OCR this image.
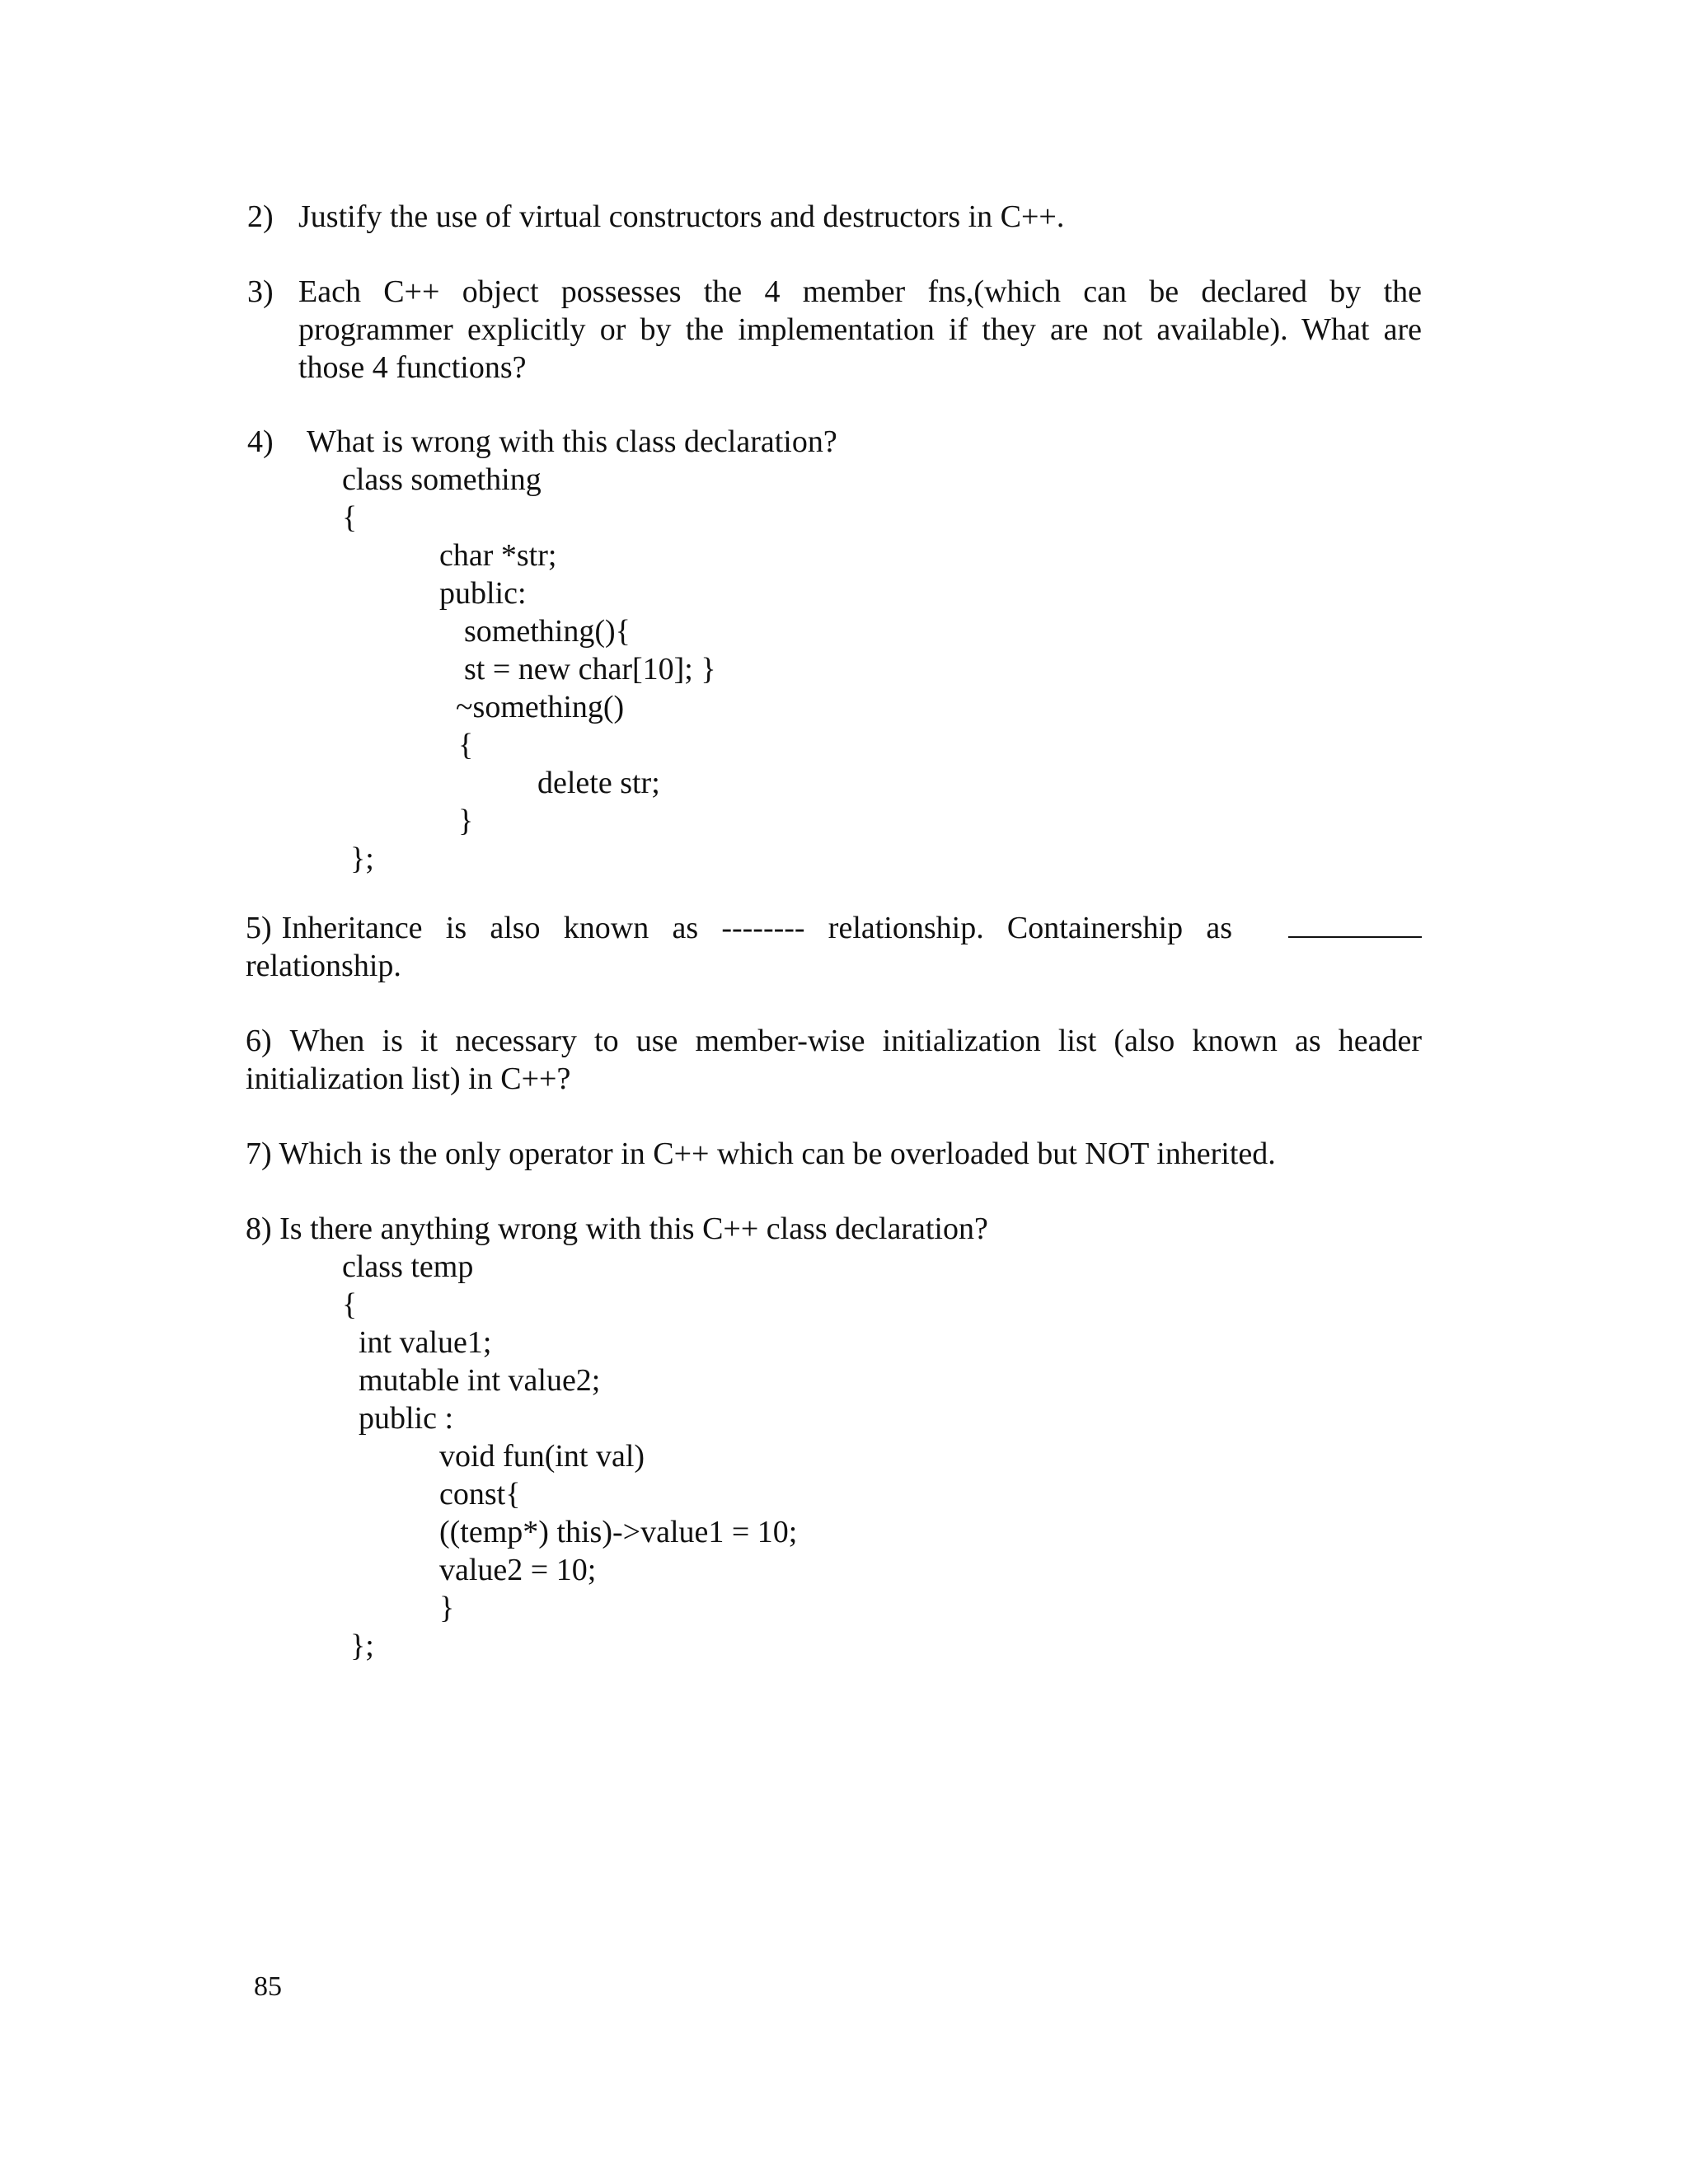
2) Justify the use of virtual constructors and destructors in C++.
3) Each C++ object possesses the 4 member fns,(which can be declared by the
programmer explicitly or by the implementation if they are not available). What are
those 4 functions?
4) What is wrong with this class declaration?
class something
{
char *str;
public:
something(){
st = new char[10]; }
~something()
{
delete str;
}
};
5) Inheritance is also known as -------- relationship. Containership as
relationship.
6) When is it necessary to use member-wise initialization list (also known as header
initialization list) in C++?
7) Which is the only operator in C++ which can be overloaded but NOT inherited.
8) Is there anything wrong with this C++ class declaration?
class temp
{
int value1;
mutable int value2;
public :
void fun(int val)
const{
((temp*) this)->value1 = 10;
value2 = 10;
}
};
85
